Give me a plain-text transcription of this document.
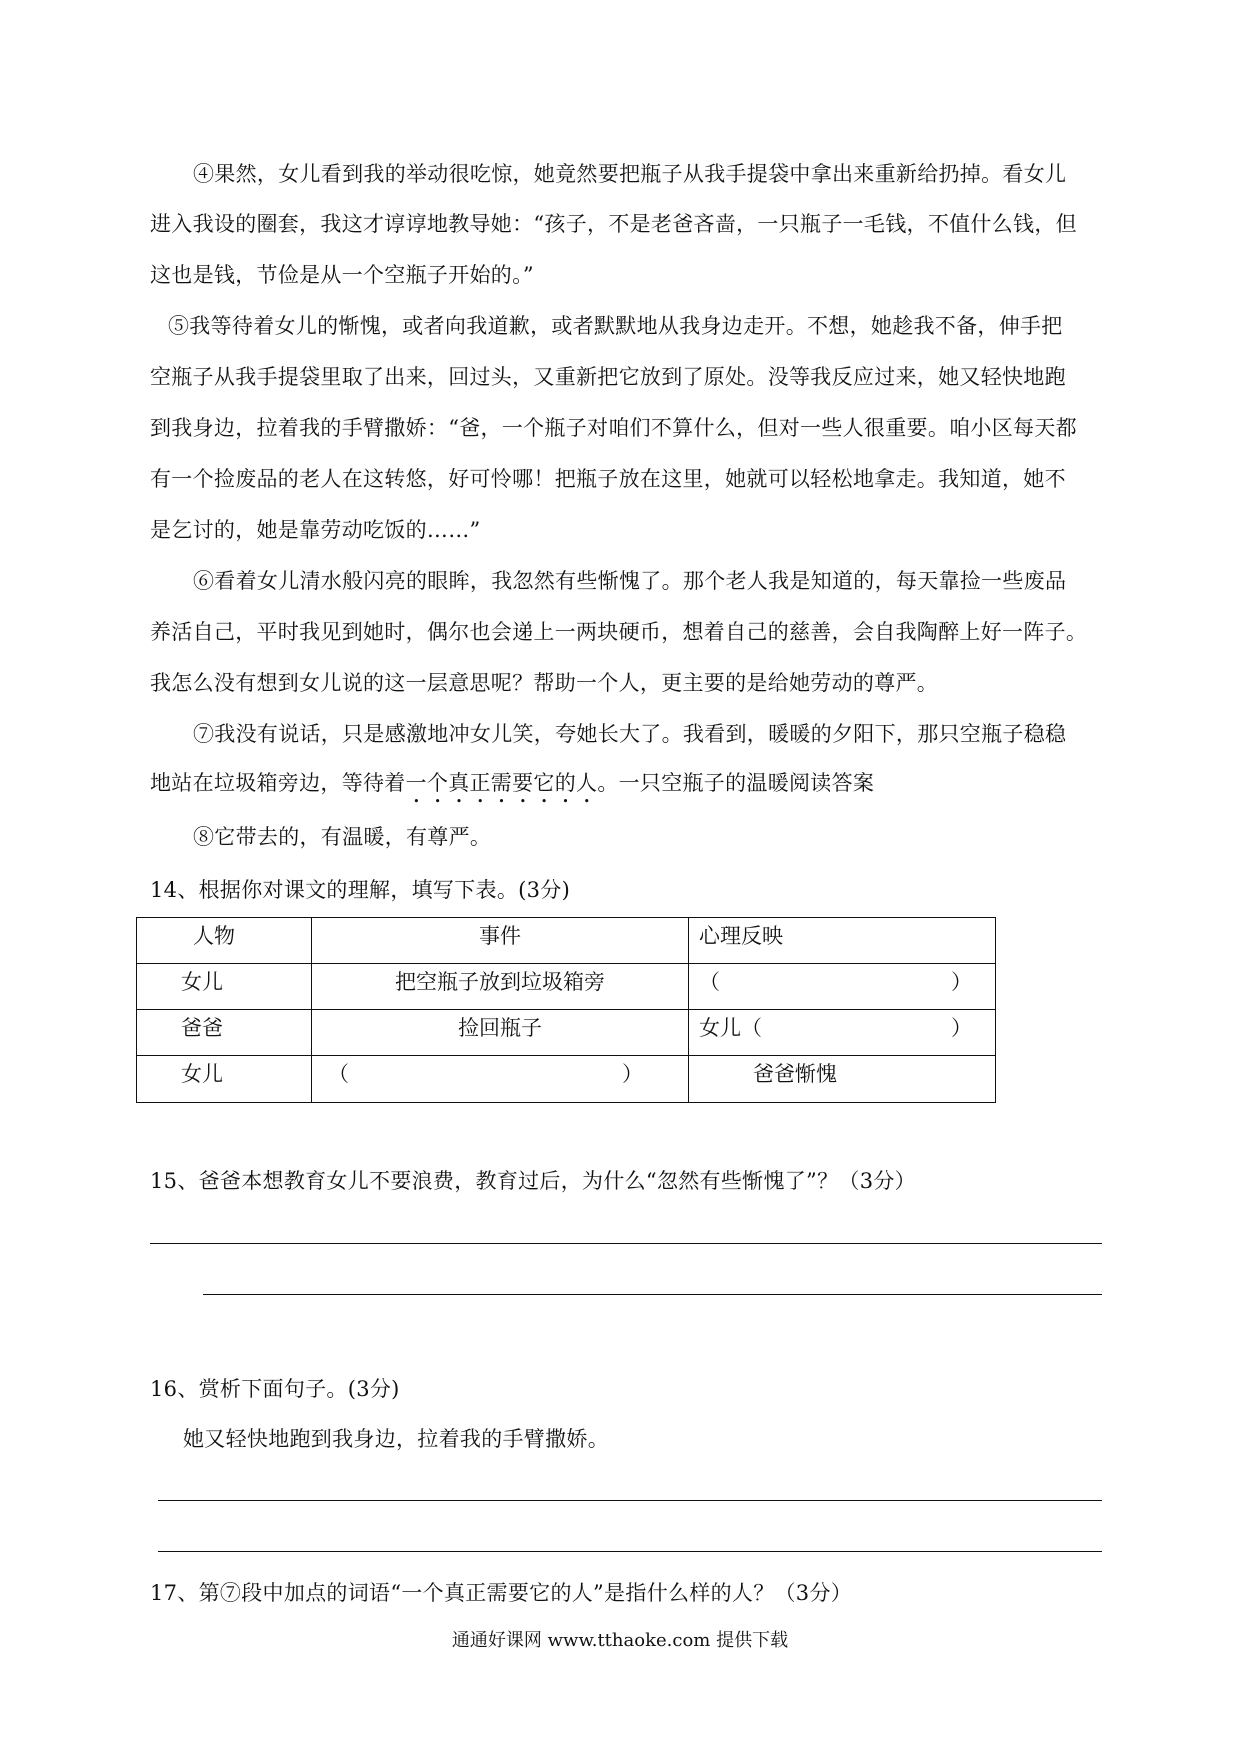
④果然，女儿看到我的举动很吃惊，她竟然要把瓶子从我手提袋中拿出来重新给扔掉。看女儿
进入我设的圈套，我这才谆谆地教导她：“孩子，不是老爸吝啬，一只瓶子一毛钱，不值什么钱，但
这也是钱，节俭是从一个空瓶子开始的。”
⑤我等待着女儿的惭愧，或者向我道歉，或者默默地从我身边走开。不想，她趁我不备，伸手把
空瓶子从我手提袋里取了出来，回过头，又重新把它放到了原处。没等我反应过来，她又轻快地跑
到我身边，拉着我的手臂撒娇：“爸，一个瓶子对咱们不算什么，但对一些人很重要。咱小区每天都
有一个捡废品的老人在这转悠，好可怜哪！把瓶子放在这里，她就可以轻松地拿走。我知道，她不
是乞讨的，她是靠劳动吃饭的……”
⑥看着女儿清水般闪亮的眼眸，我忽然有些惭愧了。那个老人我是知道的，每天靠捡一些废品
养活自己，平时我见到她时，偶尔也会递上一两块硬币，想着自己的慈善，会自我陶醉上好一阵子。
我怎么没有想到女儿说的这一层意思呢？帮助一个人，更主要的是给她劳动的尊严。
⑦我没有说话，只是感激地冲女儿笑，夸她长大了。我看到，暖暖的夕阳下，那只空瓶子稳稳
地站在垃圾箱旁边，等待着一个真正需要它的人。一只空瓶子的温暖阅读答案
⑧它带去的，有温暖，有尊严。
14、根据你对课文的理解，填写下表。(3分)
人物	事件	心理反映
女儿	把空瓶子放到垃圾箱旁	（　　　　　　　　　　　）
爸爸	捡回瓶子	女儿（　　　　　　　　　）
女儿	（　　　　　　　　　　　　　）	爸爸惭愧
15、爸爸本想教育女儿不要浪费，教育过后，为什么“忽然有些惭愧了”？（3分）
16、赏析下面句子。(3分)
她又轻快地跑到我身边，拉着我的手臂撒娇。
17、第⑦段中加点的词语“一个真正需要它的人”是指什么样的人？（3分）
通通好课网 www.tthaoke.com 提供下载
